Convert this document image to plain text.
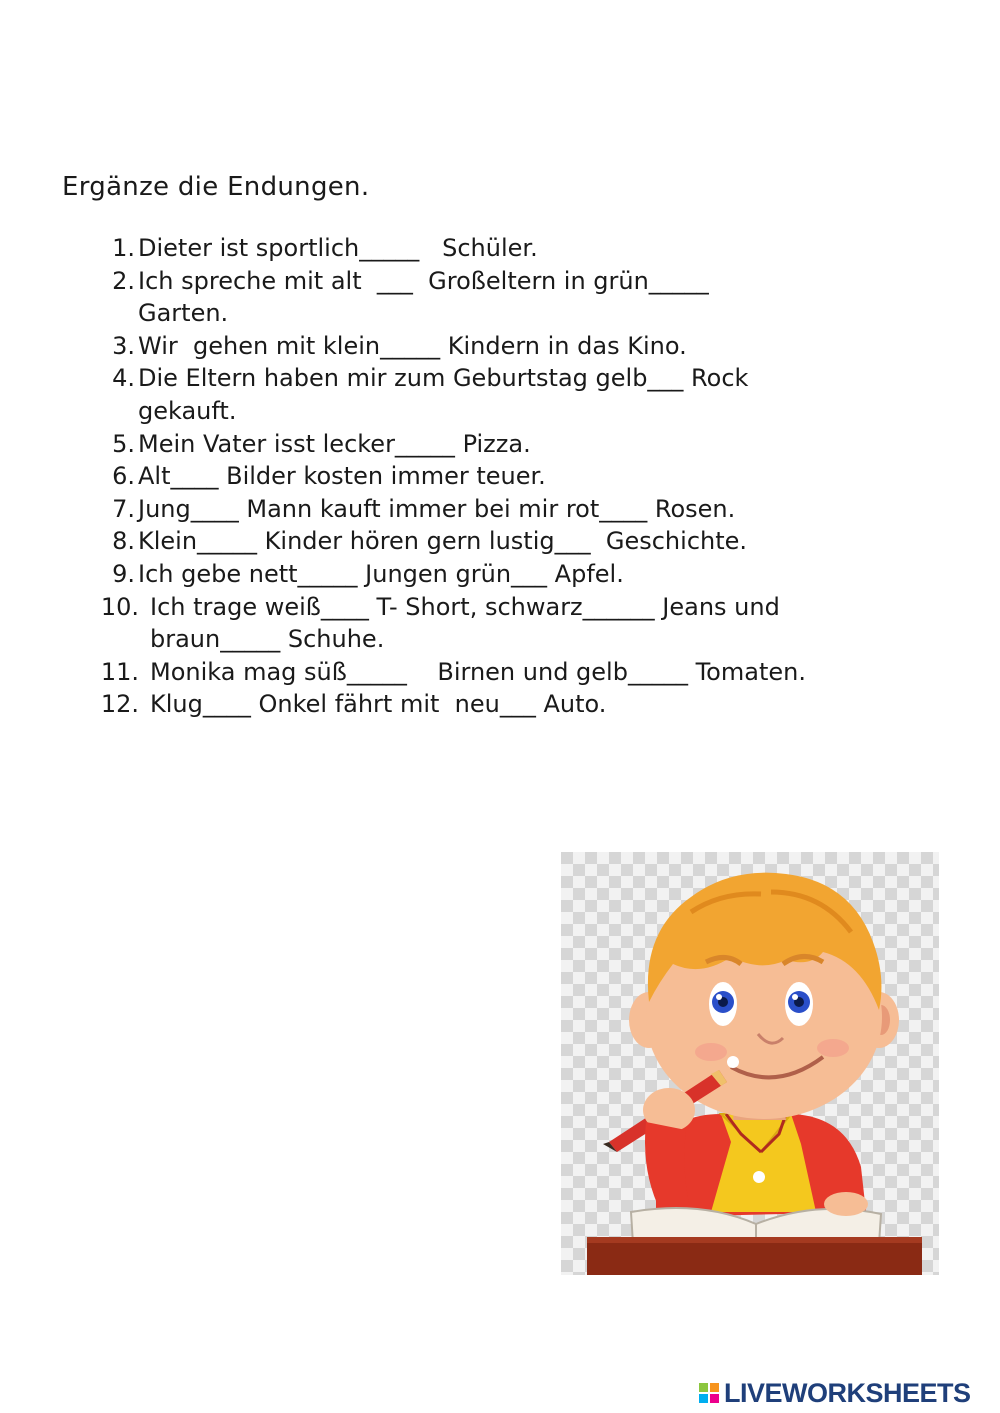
Ergänze die Endungen.
1. Dieter ist sportlich_____   Schüler.
2. Ich spreche mit alt  ___  Großeltern in grün_____
Garten.
3. Wir  gehen mit klein_____ Kindern in das Kino.
4. Die Eltern haben mir zum Geburtstag gelb___ Rock
gekauft.
5. Mein Vater isst lecker_____ Pizza.
6. Alt____ Bilder kosten immer teuer.
7. Jung____ Mann kauft immer bei mir rot____ Rosen.
8. Klein_____ Kinder hören gern lustig___  Geschichte.
9. Ich gebe nett_____ Jungen grün___ Apfel.
10. Ich trage weiß____ T- Short, schwarz______ Jeans und
braun_____ Schuhe.
11. Monika mag süß_____    Birnen und gelb_____ Tomaten.
12. Klug____ Onkel fährt mit  neu___ Auto.
LIVEWORKSHEETS
